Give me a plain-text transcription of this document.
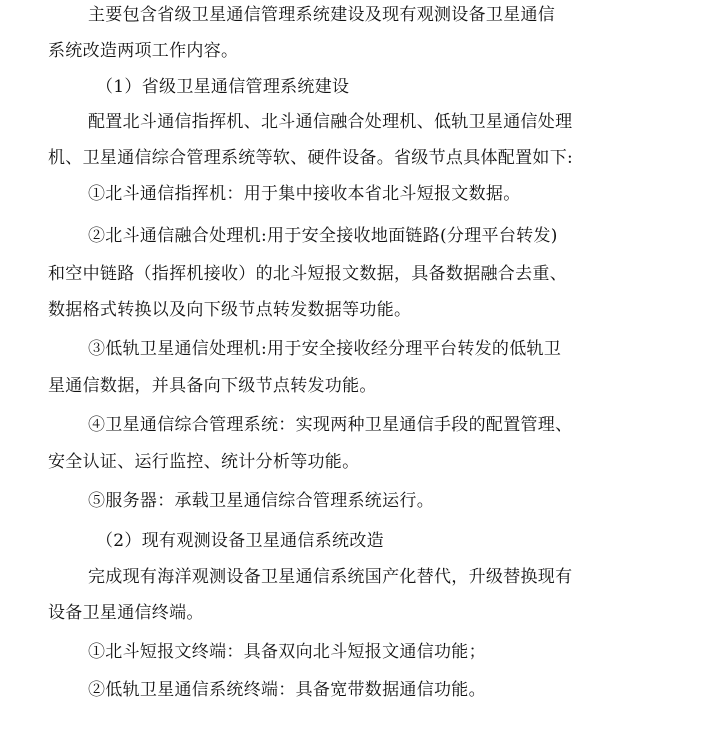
主要包含省级卫星通信管理系统建设及现有观测设备卫星通信
系统改造两项工作内容。
（1）省级卫星通信管理系统建设
配置北斗通信指挥机、北斗通信融合处理机、低轨卫星通信处理
机、卫星通信综合管理系统等软、硬件设备。省级节点具体配置如下:
①北斗通信指挥机：用于集中接收本省北斗短报文数据。
②北斗通信融合处理机:用于安全接收地面链路(分理平台转发)
和空中链路（指挥机接收）的北斗短报文数据，具备数据融合去重、
数据格式转换以及向下级节点转发数据等功能。
③低轨卫星通信处理机:用于安全接收经分理平台转发的低轨卫
星通信数据，并具备向下级节点转发功能。
④卫星通信综合管理系统：实现两种卫星通信手段的配置管理、
安全认证、运行监控、统计分析等功能。
⑤服务器：承载卫星通信综合管理系统运行。
（2）现有观测设备卫星通信系统改造
完成现有海洋观测设备卫星通信系统国产化替代，升级替换现有
设备卫星通信终端。
①北斗短报文终端：具备双向北斗短报文通信功能；
②低轨卫星通信系统终端：具备宽带数据通信功能。
